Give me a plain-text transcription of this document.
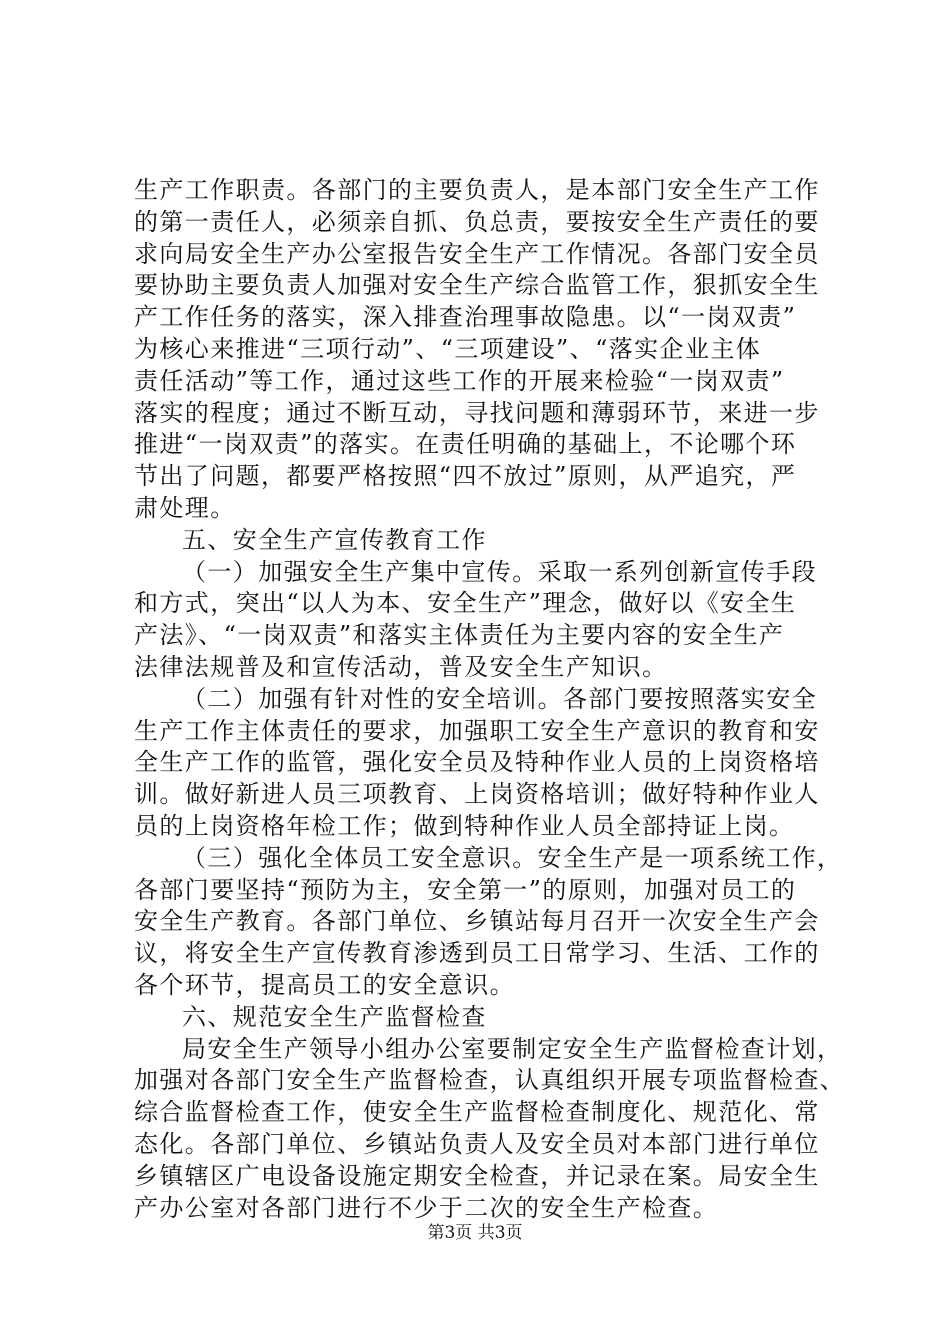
生产工作职责。各部门的主要负责人，是本部门安全生产工作
的第一责任人，必须亲自抓、负总责，要按安全生产责任的要
求向局安全生产办公室报告安全生产工作情况。各部门安全员
要协助主要负责人加强对安全生产综合监管工作，狠抓安全生
产工作任务的落实，深入排查治理事故隐患。以“一岗双责”
为核心来推进“三项行动”、“三项建设”、“落实企业主体
责任活动”等工作，通过这些工作的开展来检验“一岗双责”
落实的程度；通过不断互动，寻找问题和薄弱环节，来进一步
推进“一岗双责”的落实。在责任明确的基础上，不论哪个环
节出了问题，都要严格按照“四不放过”原则，从严追究，严
肃处理。
五、安全生产宣传教育工作
（一）加强安全生产集中宣传。采取一系列创新宣传手段
和方式，突出“以人为本、安全生产”理念，做好以《安全生
产法》、“一岗双责”和落实主体责任为主要内容的安全生产
法律法规普及和宣传活动，普及安全生产知识。
（二）加强有针对性的安全培训。各部门要按照落实安全
生产工作主体责任的要求，加强职工安全生产意识的教育和安
全生产工作的监管，强化安全员及特种作业人员的上岗资格培
训。做好新进人员三项教育、上岗资格培训；做好特种作业人
员的上岗资格年检工作；做到特种作业人员全部持证上岗。
（三）强化全体员工安全意识。安全生产是一项系统工作，
各部门要坚持“预防为主，安全第一”的原则，加强对员工的
安全生产教育。各部门单位、乡镇站每月召开一次安全生产会
议，将安全生产宣传教育渗透到员工日常学习、生活、工作的
各个环节，提高员工的安全意识。
六、规范安全生产监督检查
局安全生产领导小组办公室要制定安全生产监督检查计划，
加强对各部门安全生产监督检查，认真组织开展专项监督检查、
综合监督检查工作，使安全生产监督检查制度化、规范化、常
态化。各部门单位、乡镇站负责人及安全员对本部门进行单位
乡镇辖区广电设备设施定期安全检查，并记录在案。局安全生
产办公室对各部门进行不少于二次的安全生产检查。
第3页 共3页
